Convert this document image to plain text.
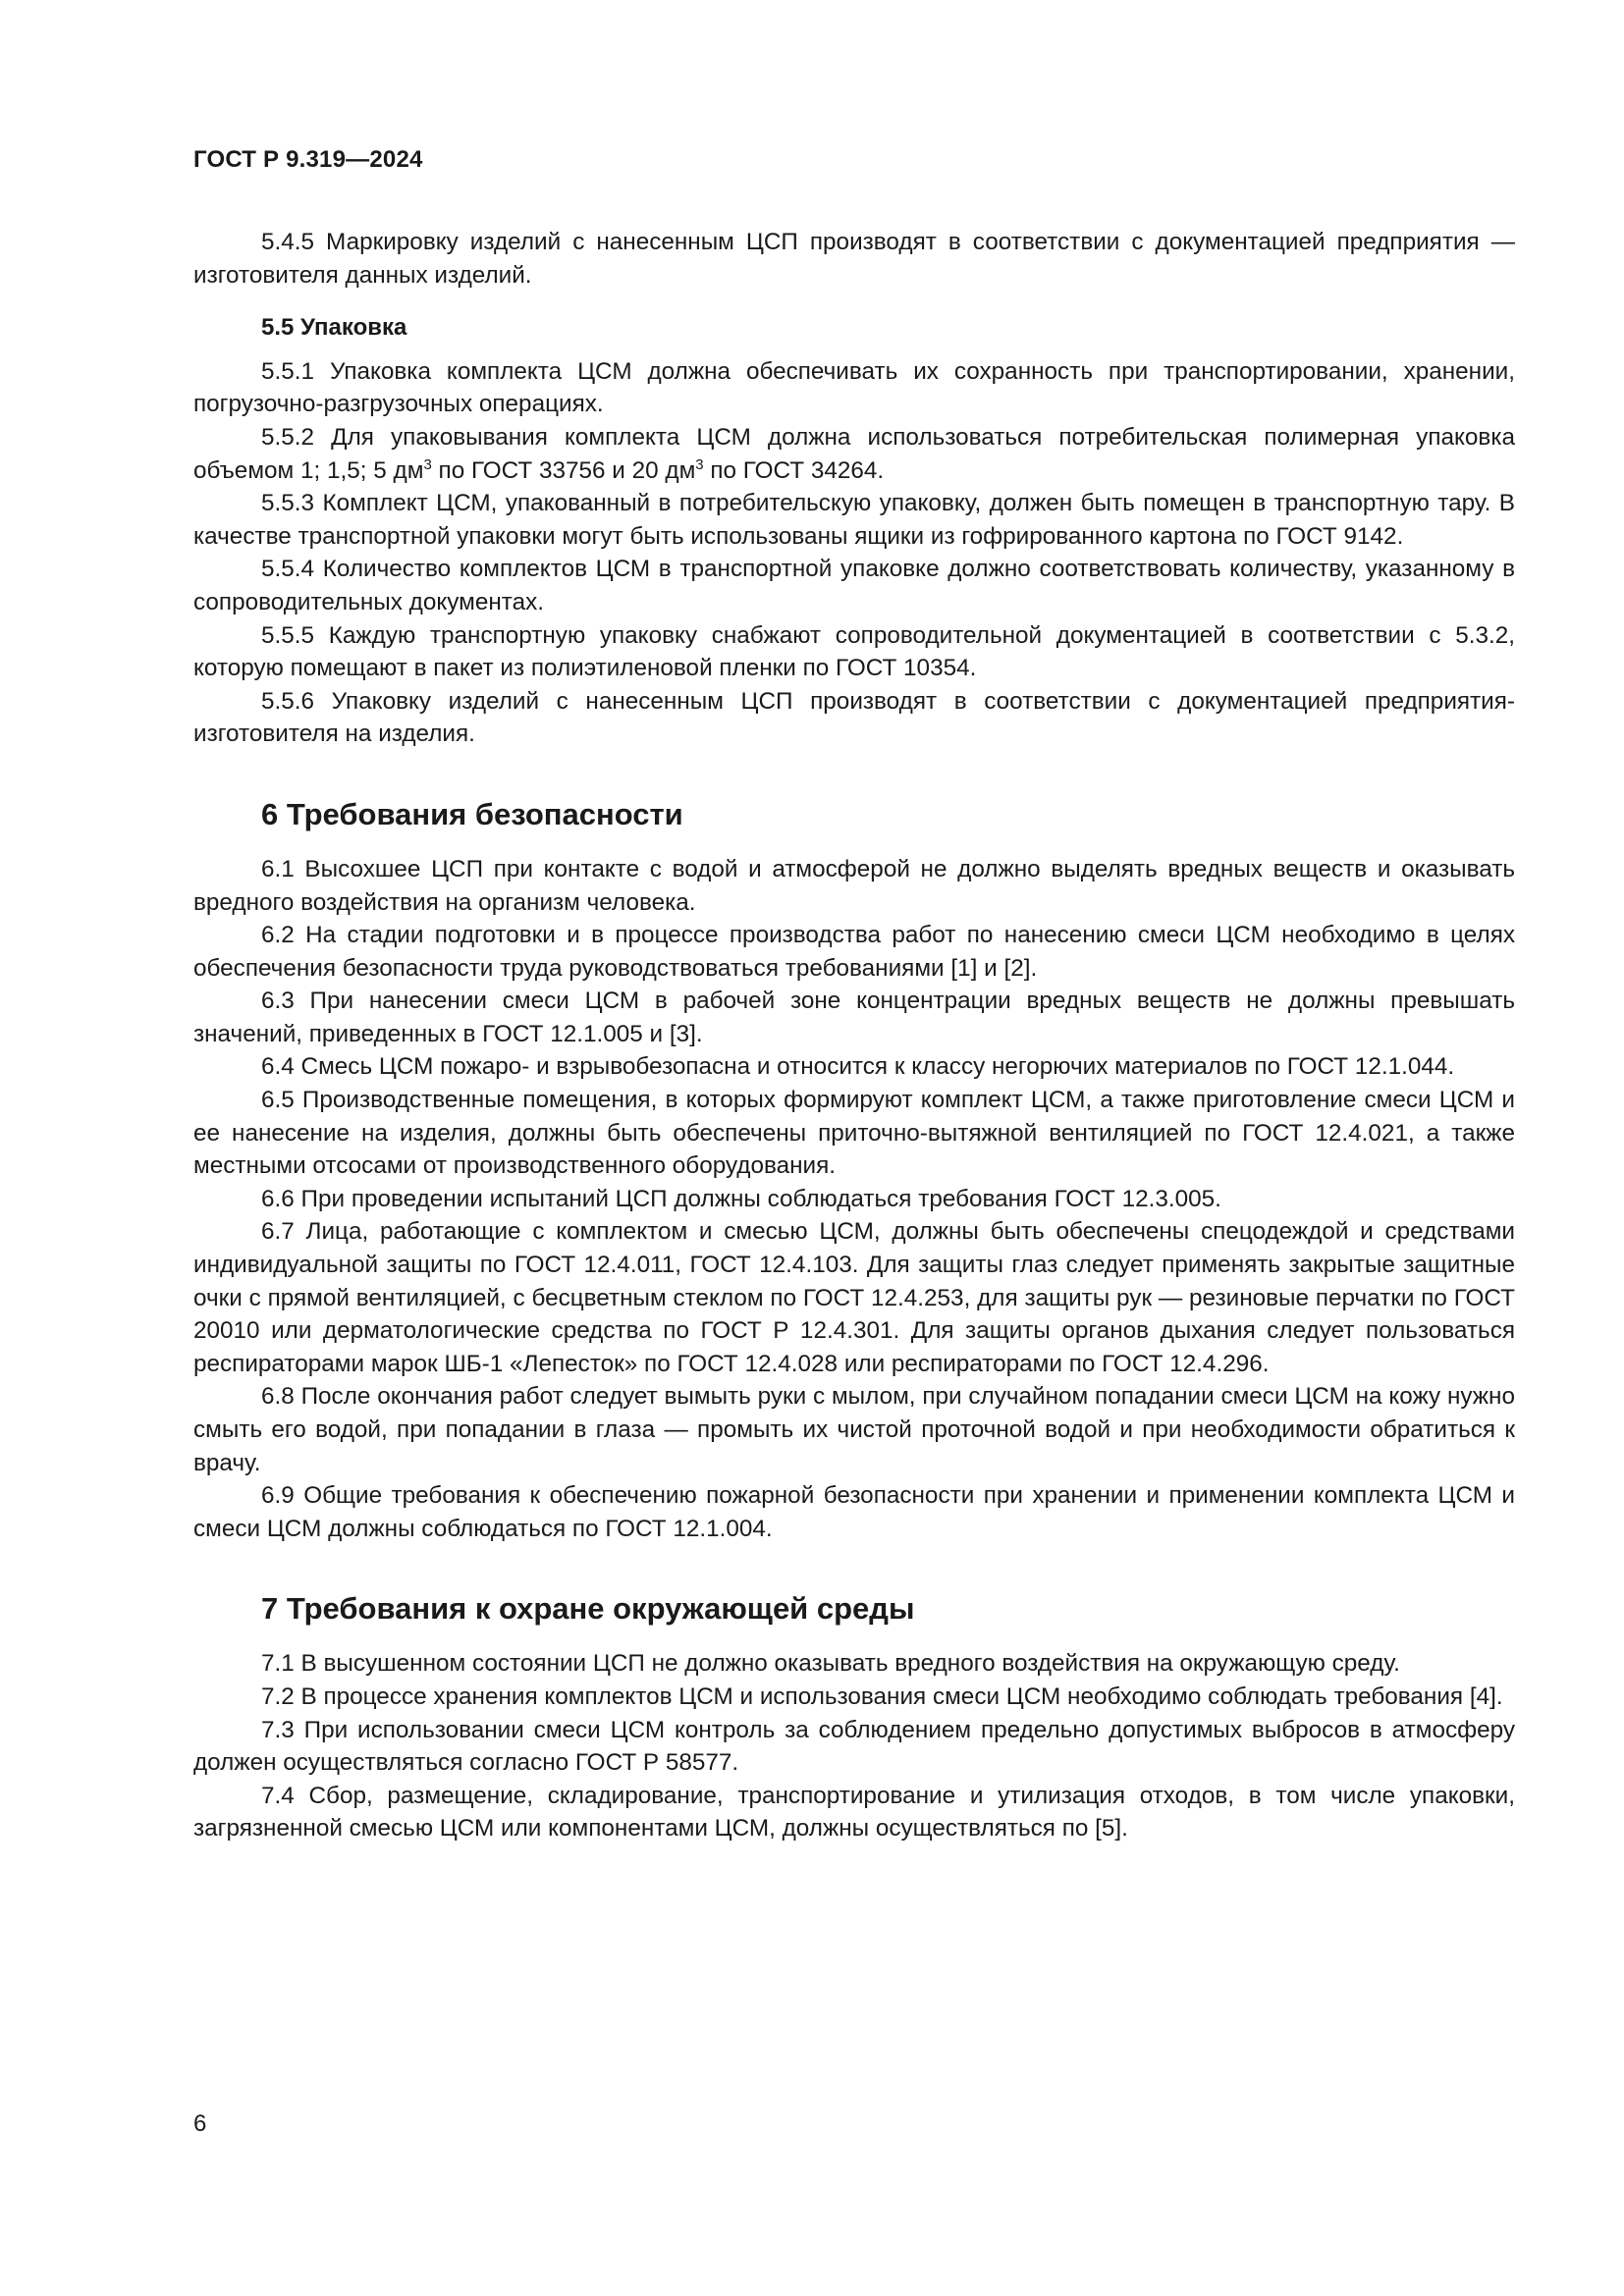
ГОСТ Р 9.319—2024

5.4.5 Маркировку изделий с нанесенным ЦСП производят в соответствии с документацией предприятия — изготовителя данных изделий.

5.5 Упаковка

5.5.1 Упаковка комплекта ЦСМ должна обеспечивать их сохранность при транспортировании, хранении, погрузочно-разгрузочных операциях.

5.5.2 Для упаковывания комплекта ЦСМ должна использоваться потребительская полимерная упаковка объемом 1; 1,5; 5 $дм^3$ по ГОСТ 33756 и 20 $дм^3$ по ГОСТ 34264.

5.5.3 Комплект ЦСМ, упакованный в потребительскую упаковку, должен быть помещен в транспортную тару. В качестве транспортной упаковки могут быть использованы ящики из гофрированного картона по ГОСТ 9142.

5.5.4 Количество комплектов ЦСМ в транспортной упаковке должно соответствовать количеству, указанному в сопроводительных документах.

5.5.5 Каждую транспортную упаковку снабжают сопроводительной документацией в соответствии с 5.3.2, которую помещают в пакет из полиэтиленовой пленки по ГОСТ 10354.

5.5.6 Упаковку изделий с нанесенным ЦСП производят в соответствии с документацией предприятия-изготовителя на изделия.

6 Требования безопасности

6.1 Высохшее ЦСП при контакте с водой и атмосферой не должно выделять вредных веществ и оказывать вредного воздействия на организм человека.

6.2 На стадии подготовки и в процессе производства работ по нанесению смеси ЦСМ необходимо в целях обеспечения безопасности труда руководствоваться требованиями [1] и [2].

6.3 При нанесении смеси ЦСМ в рабочей зоне концентрации вредных веществ не должны превышать значений, приведенных в ГОСТ 12.1.005 и [3].

6.4 Смесь ЦСМ пожаро- и взрывобезопасна и относится к классу негорючих материалов по ГОСТ 12.1.044.

6.5 Производственные помещения, в которых формируют комплект ЦСМ, а также приготовление смеси ЦСМ и ее нанесение на изделия, должны быть обеспечены приточно-вытяжной вентиляцией по ГОСТ 12.4.021, а также местными отсосами от производственного оборудования.

6.6 При проведении испытаний ЦСП должны соблюдаться требования ГОСТ 12.3.005.

6.7 Лица, работающие с комплектом и смесью ЦСМ, должны быть обеспечены спецодеждой и средствами индивидуальной защиты по ГОСТ 12.4.011, ГОСТ 12.4.103. Для защиты глаз следует применять закрытые защитные очки с прямой вентиляцией, с бесцветным стеклом по ГОСТ 12.4.253, для защиты рук — резиновые перчатки по ГОСТ 20010 или дерматологические средства по ГОСТ Р 12.4.301. Для защиты органов дыхания следует пользоваться респираторами марок ШБ-1 «Лепесток» по ГОСТ 12.4.028 или респираторами по ГОСТ 12.4.296.

6.8 После окончания работ следует вымыть руки с мылом, при случайном попадании смеси ЦСМ на кожу нужно смыть его водой, при попадании в глаза — промыть их чистой проточной водой и при необходимости обратиться к врачу.

6.9 Общие требования к обеспечению пожарной безопасности при хранении и применении комплекта ЦСМ и смеси ЦСМ должны соблюдаться по ГОСТ 12.1.004.

7 Требования к охране окружающей среды

7.1 В высушенном состоянии ЦСП не должно оказывать вредного воздействия на окружающую среду.

7.2 В процессе хранения комплектов ЦСМ и использования смеси ЦСМ необходимо соблюдать требования [4].

7.3 При использовании смеси ЦСМ контроль за соблюдением предельно допустимых выбросов в атмосферу должен осуществляться согласно ГОСТ Р 58577.

7.4 Сбор, размещение, складирование, транспортирование и утилизация отходов, в том числе упаковки, загрязненной смесью ЦСМ или компонентами ЦСМ, должны осуществляться по [5].

6
